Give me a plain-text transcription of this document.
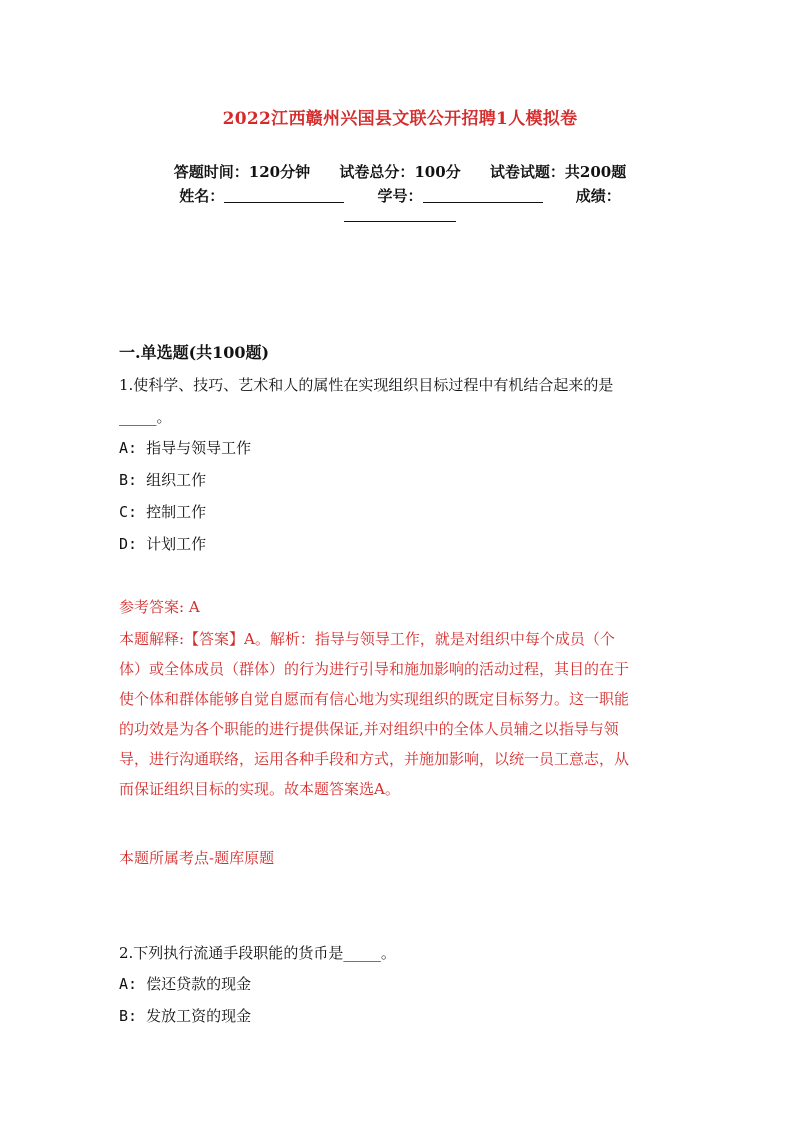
2022江西赣州兴国县文联公开招聘1人模拟卷
答题时间：120分钟 试卷总分：100分 试卷试题：共200题
姓名：	学号：	成绩：
一.单选题(共100题)
1.使科学、技巧、艺术和人的属性在实现组织目标过程中有机结合起来的是
_____。
A: 指导与领导工作
B: 组织工作
C: 控制工作
D: 计划工作
参考答案: A
本题解释:【答案】A。解析：指导与领导工作，就是对组织中每个成员（个
体）或全体成员（群体）的行为进行引导和施加影响的活动过程，其目的在于
使个体和群体能够自觉自愿而有信心地为实现组织的既定目标努力。这一职能
的功效是为各个职能的进行提供保证,并对组织中的全体人员辅之以指导与领
导，进行沟通联络，运用各种手段和方式，并施加影响，以统一员工意志，从
而保证组织目标的实现。故本题答案选A。
本题所属考点-题库原题
2.下列执行流通手段职能的货币是_____。
A: 偿还贷款的现金
B: 发放工资的现金
